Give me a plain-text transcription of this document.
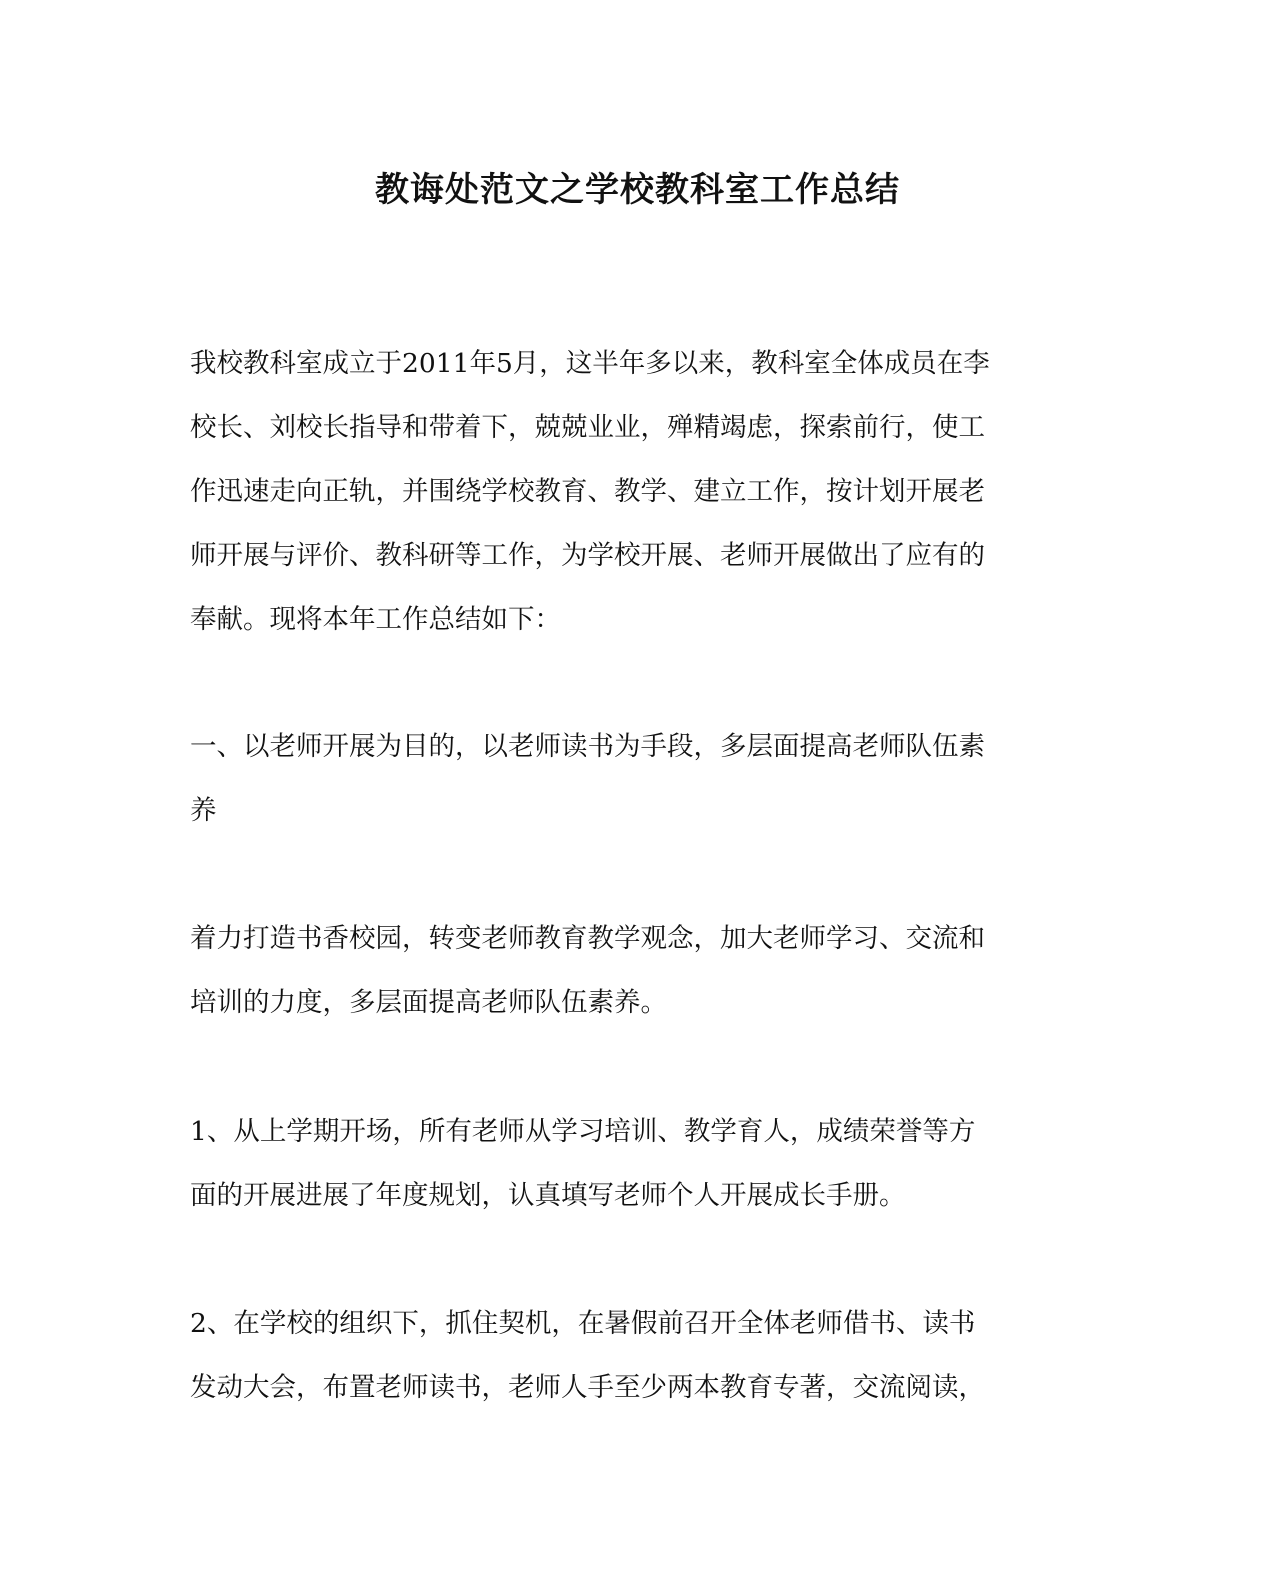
教诲处范文之学校教科室工作总结
我校教科室成立于2011年5月，这半年多以来，教科室全体成员在李
校长、刘校长指导和带着下，兢兢业业，殚精竭虑，探索前行，使工
作迅速走向正轨，并围绕学校教育、教学、建立工作，按计划开展老
师开展与评价、教科研等工作，为学校开展、老师开展做出了应有的
奉献。现将本年工作总结如下：
一、以老师开展为目的，以老师读书为手段，多层面提高老师队伍素
养
着力打造书香校园，转变老师教育教学观念，加大老师学习、交流和
培训的力度，多层面提高老师队伍素养。
1、从上学期开场，所有老师从学习培训、教学育人，成绩荣誉等方
面的开展进展了年度规划，认真填写老师个人开展成长手册。
2、在学校的组织下，抓住契机，在暑假前召开全体老师借书、读书
发动大会，布置老师读书，老师人手至少两本教育专著，交流阅读，
